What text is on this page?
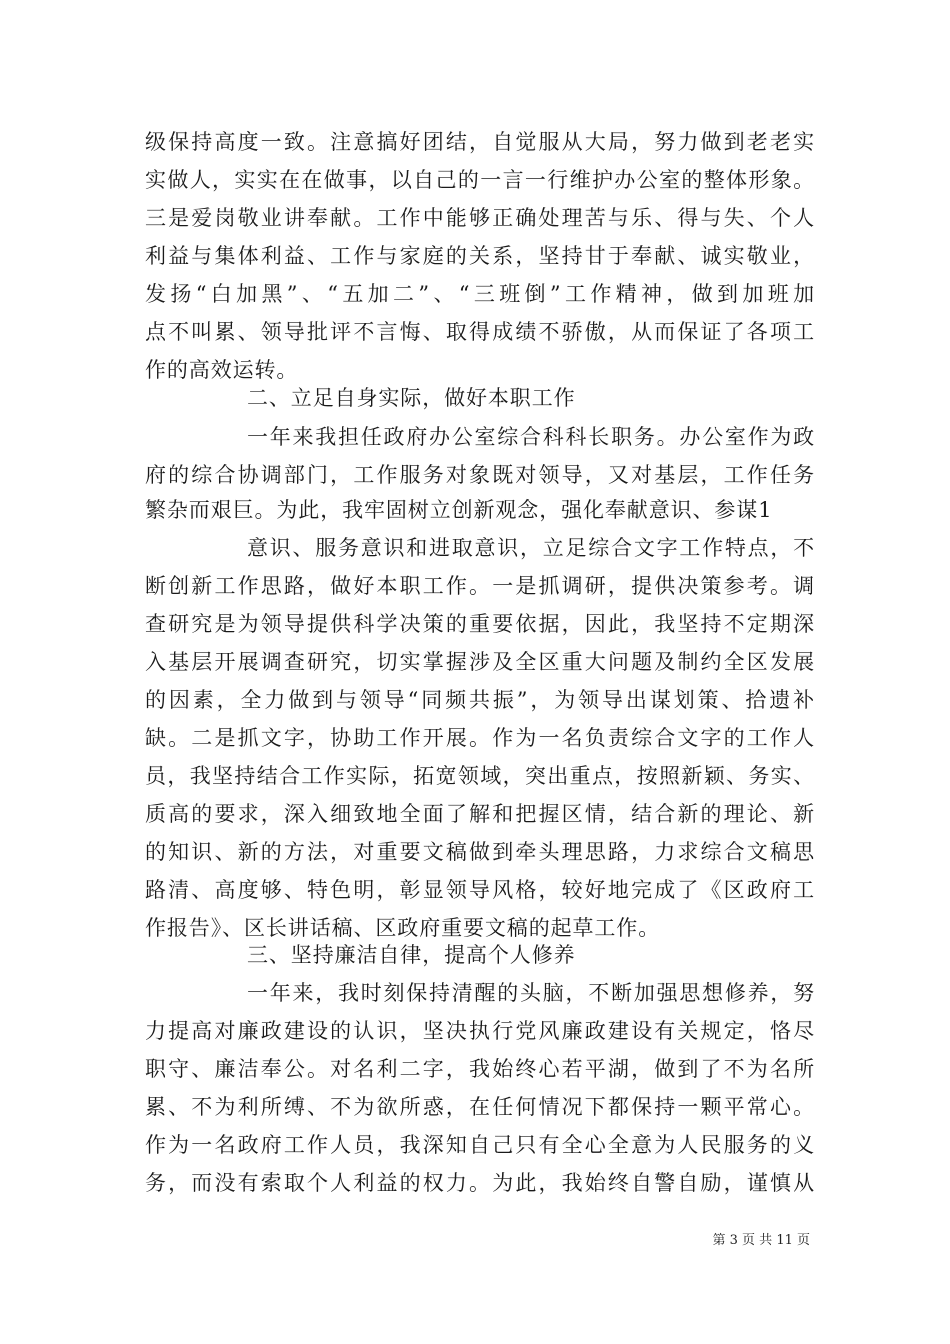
级保持高度一致。注意搞好团结，自觉服从大局，努力做到老老实
实做人，实实在在做事，以自己的一言一行维护办公室的整体形象。
三是爱岗敬业讲奉献。工作中能够正确处理苦与乐、得与失、个人
利益与集体利益、工作与家庭的关系，坚持甘于奉献、诚实敬业，
发扬“白加黑”、“五加二”、“三班倒”工作精神，做到加班加
点不叫累、领导批评不言悔、取得成绩不骄傲，从而保证了各项工
作的高效运转。
二、立足自身实际，做好本职工作
一年来我担任政府办公室综合科科长职务。办公室作为政
府的综合协调部门，工作服务对象既对领导，又对基层，工作任务
繁杂而艰巨。为此，我牢固树立创新观念，强化奉献意识、参谋1
意识、服务意识和进取意识，立足综合文字工作特点，不
断创新工作思路，做好本职工作。一是抓调研，提供决策参考。调
查研究是为领导提供科学决策的重要依据，因此，我坚持不定期深
入基层开展调查研究，切实掌握涉及全区重大问题及制约全区发展
的因素，全力做到与领导“同频共振”，为领导出谋划策、拾遗补
缺。二是抓文字，协助工作开展。作为一名负责综合文字的工作人
员，我坚持结合工作实际，拓宽领域，突出重点，按照新颖、务实、
质高的要求，深入细致地全面了解和把握区情，结合新的理论、新
的知识、新的方法，对重要文稿做到牵头理思路，力求综合文稿思
路清、高度够、特色明，彰显领导风格，较好地完成了《区政府工
作报告》、区长讲话稿、区政府重要文稿的起草工作。
三、坚持廉洁自律，提高个人修养
一年来，我时刻保持清醒的头脑，不断加强思想修养，努
力提高对廉政建设的认识，坚决执行党风廉政建设有关规定，恪尽
职守、廉洁奉公。对名利二字，我始终心若平湖，做到了不为名所
累、不为利所缚、不为欲所惑，在任何情况下都保持一颗平常心。
作为一名政府工作人员，我深知自己只有全心全意为人民服务的义
务，而没有索取个人利益的权力。为此，我始终自警自励，谨慎从
第 3 页 共 11 页
